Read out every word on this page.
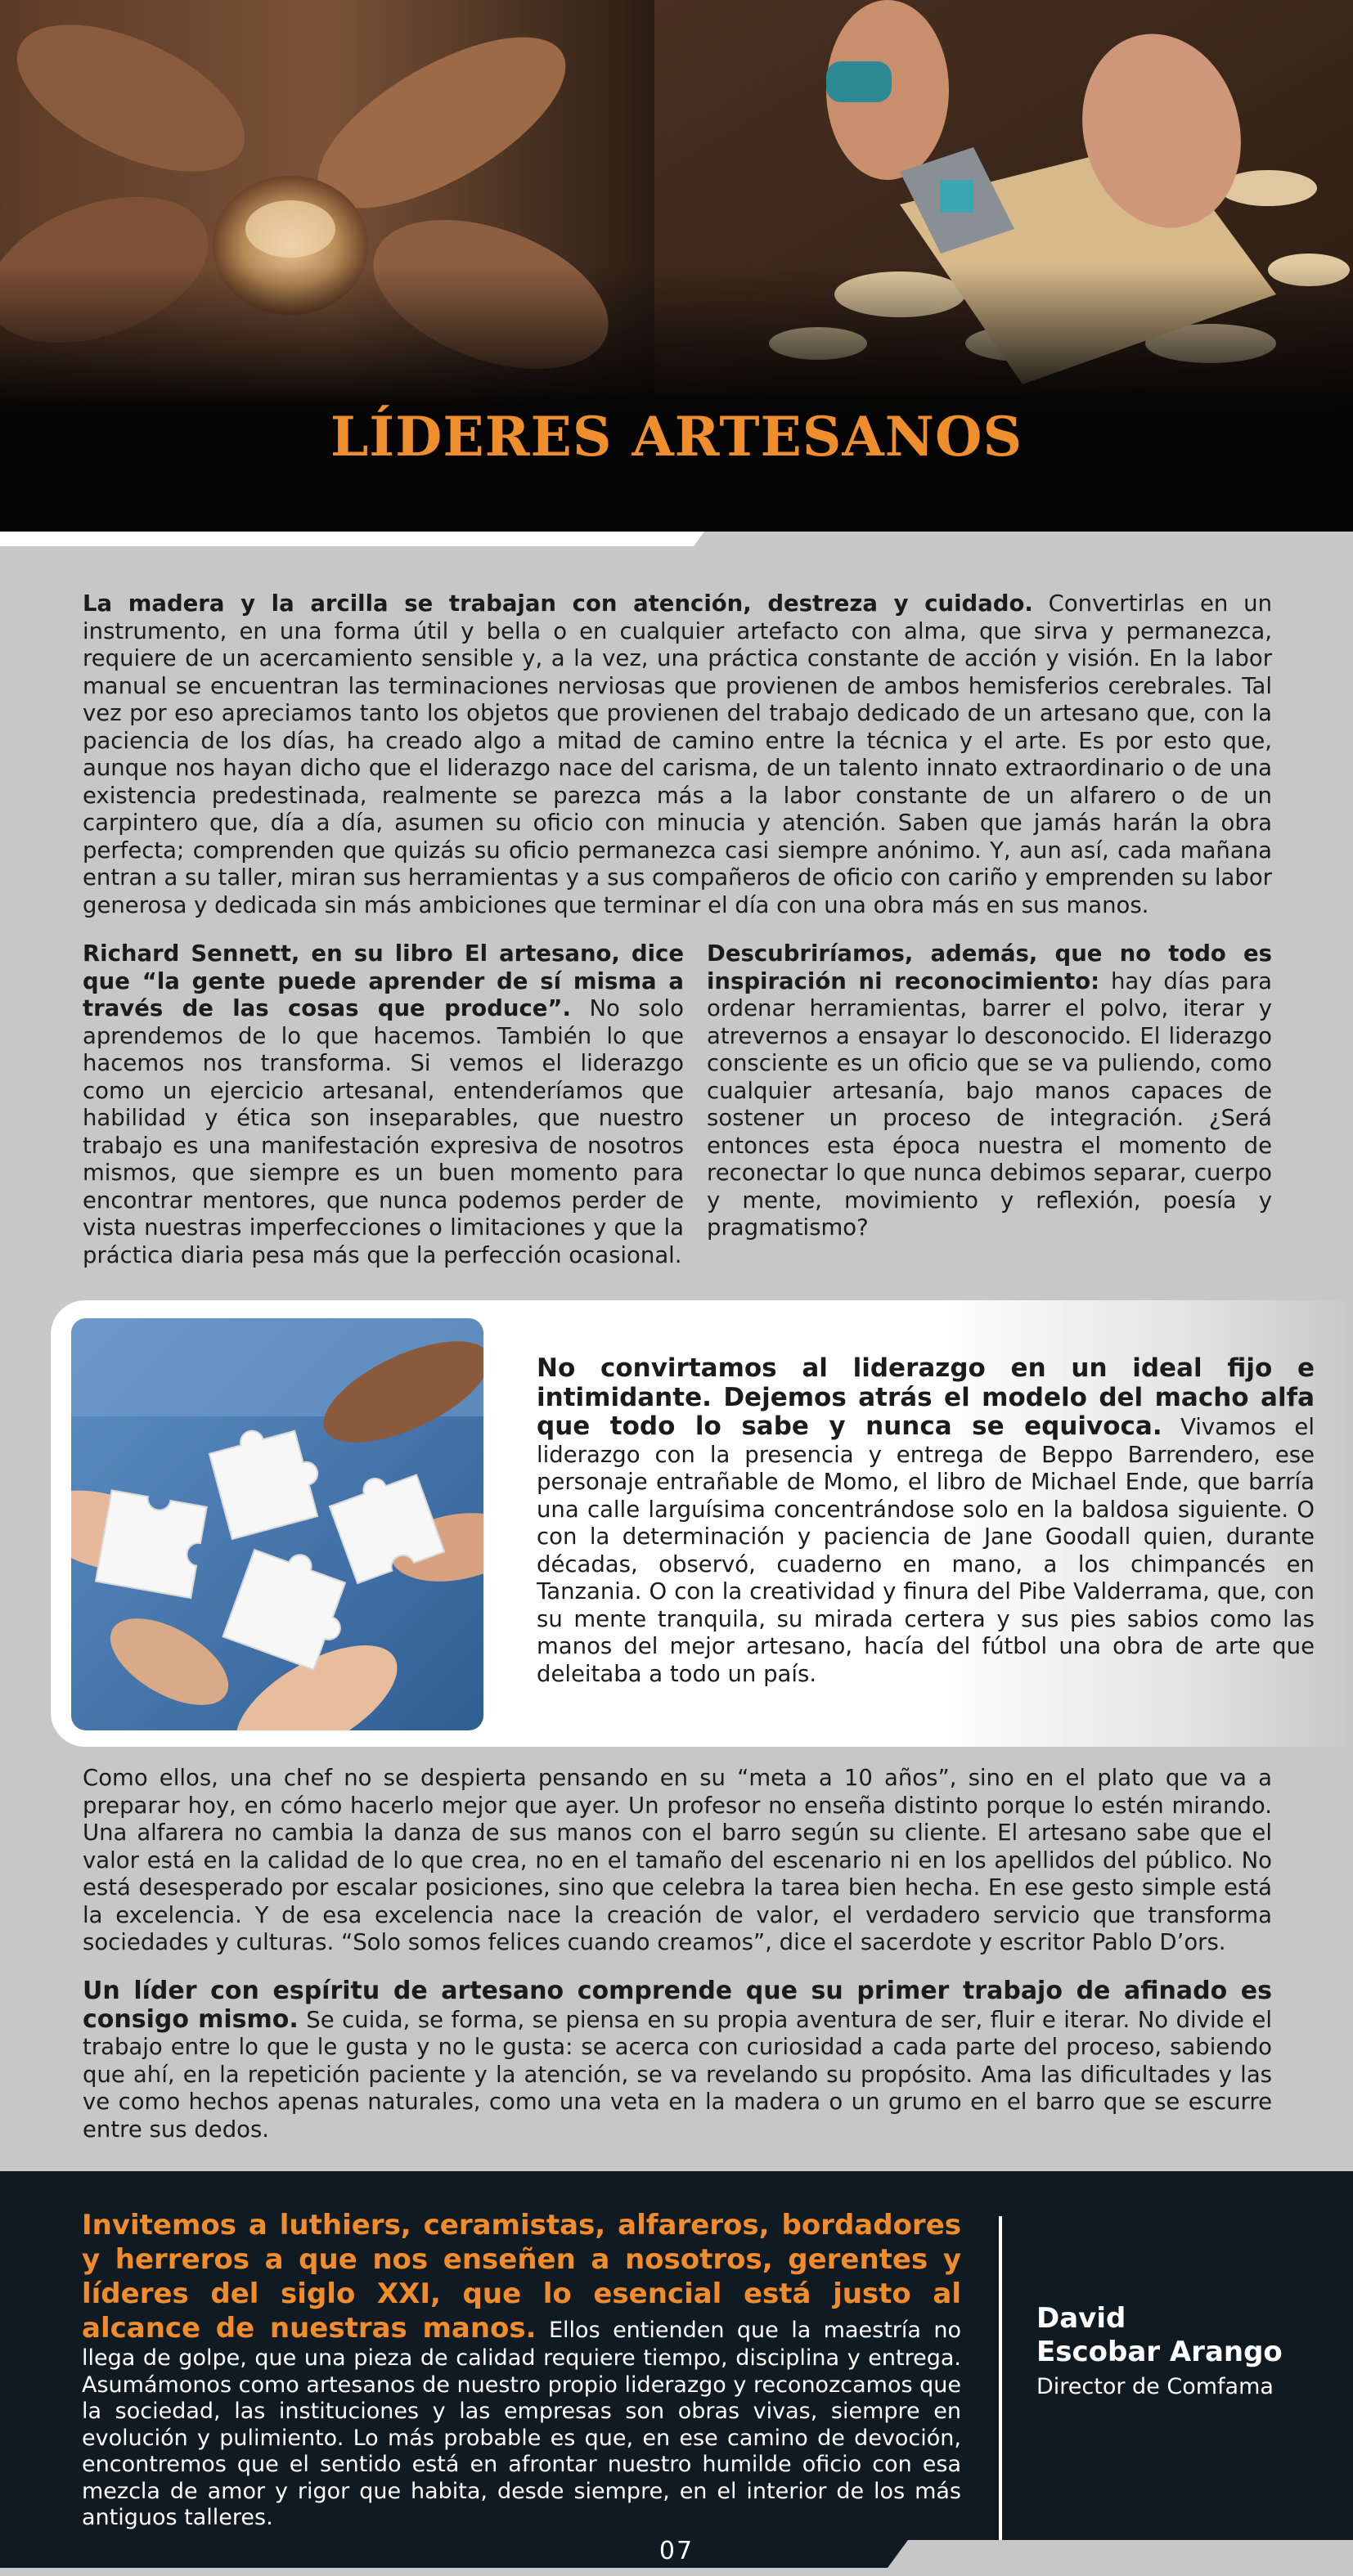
LÍDERES ARTESANOS

La madera y la arcilla se trabajan con atención, destreza y cuidado. Convertirlas en un instrumento, en una forma útil y bella o en cualquier artefacto con alma, que sirva y permanezca, requiere de un acercamiento sensible y, a la vez, una práctica constante de acción y visión. En la labor manual se encuentran las terminaciones nerviosas que provienen de ambos hemisferios cerebrales. Tal vez por eso apreciamos tanto los objetos que provienen del trabajo dedicado de un artesano que, con la paciencia de los días, ha creado algo a mitad de camino entre la técnica y el arte. Es por esto que, aunque nos hayan dicho que el liderazgo nace del carisma, de un talento innato extraordinario o de una existencia predestinada, realmente se parezca más a la labor constante de un alfarero o de un carpintero que, día a día, asumen su oficio con minucia y atención. Saben que jamás harán la obra perfecta; comprenden que quizás su oficio permanezca casi siempre anónimo. Y, aun así, cada mañana entran a su taller, miran sus herramientas y a sus compañeros de oficio con cariño y emprenden su labor generosa y dedicada sin más ambiciones que terminar el día con una obra más en sus manos.

Richard Sennett, en su libro El artesano, dice que “la gente puede aprender de sí misma a través de las cosas que produce”. No solo aprendemos de lo que hacemos. También lo que hacemos nos transforma. Si vemos el liderazgo como un ejercicio artesanal, entenderíamos que habilidad y ética son inseparables, que nuestro trabajo es una manifestación expresiva de nosotros mismos, que siempre es un buen momento para encontrar mentores, que nunca podemos perder de vista nuestras imperfecciones o limitaciones y que la práctica diaria pesa más que la perfección ocasional.

Descubriríamos, además, que no todo es inspiración ni reconocimiento: hay días para ordenar herramientas, barrer el polvo, iterar y atrevernos a ensayar lo desconocido. El liderazgo consciente es un oficio que se va puliendo, como cualquier artesanía, bajo manos capaces de sostener un proceso de integración. ¿Será entonces esta época nuestra el momento de reconectar lo que nunca debimos separar, cuerpo y mente, movimiento y reflexión, poesía y pragmatismo?

No convirtamos al liderazgo en un ideal fijo e intimidante. Dejemos atrás el modelo del macho alfa que todo lo sabe y nunca se equivoca. Vivamos el liderazgo con la presencia y entrega de Beppo Barrendero, ese personaje entrañable de Momo, el libro de Michael Ende, que barría una calle larguísima concentrándose solo en la baldosa siguiente. O con la determinación y paciencia de Jane Goodall quien, durante décadas, observó, cuaderno en mano, a los chimpancés en Tanzania. O con la creatividad y finura del Pibe Valderrama, que, con su mente tranquila, su mirada certera y sus pies sabios como las manos del mejor artesano, hacía del fútbol una obra de arte que deleitaba a todo un país.

Como ellos, una chef no se despierta pensando en su “meta a 10 años”, sino en el plato que va a preparar hoy, en cómo hacerlo mejor que ayer. Un profesor no enseña distinto porque lo estén mirando. Una alfarera no cambia la danza de sus manos con el barro según su cliente. El artesano sabe que el valor está en la calidad de lo que crea, no en el tamaño del escenario ni en los apellidos del público. No está desesperado por escalar posiciones, sino que celebra la tarea bien hecha. En ese gesto simple está la excelencia. Y de esa excelencia nace la creación de valor, el verdadero servicio que transforma sociedades y culturas. “Solo somos felices cuando creamos”, dice el sacerdote y escritor Pablo D’ors.

Un líder con espíritu de artesano comprende que su primer trabajo de afinado es consigo mismo. Se cuida, se forma, se piensa en su propia aventura de ser, fluir e iterar. No divide el trabajo entre lo que le gusta y no le gusta: se acerca con curiosidad a cada parte del proceso, sabiendo que ahí, en la repetición paciente y la atención, se va revelando su propósito. Ama las dificultades y las ve como hechos apenas naturales, como una veta en la madera o un grumo en el barro que se escurre entre sus dedos.

Invitemos a luthiers, ceramistas, alfareros, bordadores y herreros a que nos enseñen a nosotros, gerentes y líderes del siglo XXI, que lo esencial está justo al alcance de nuestras manos. Ellos entienden que la maestría no llega de golpe, que una pieza de calidad requiere tiempo, disciplina y entrega. Asumámonos como artesanos de nuestro propio liderazgo y reconozcamos que la sociedad, las instituciones y las empresas son obras vivas, siempre en evolución y pulimiento. Lo más probable es que, en ese camino de devoción, encontremos que el sentido está en afrontar nuestro humilde oficio con esa mezcla de amor y rigor que habita, desde siempre, en el interior de los más antiguos talleres.

David
Escobar Arango
Director de Comfama
07
